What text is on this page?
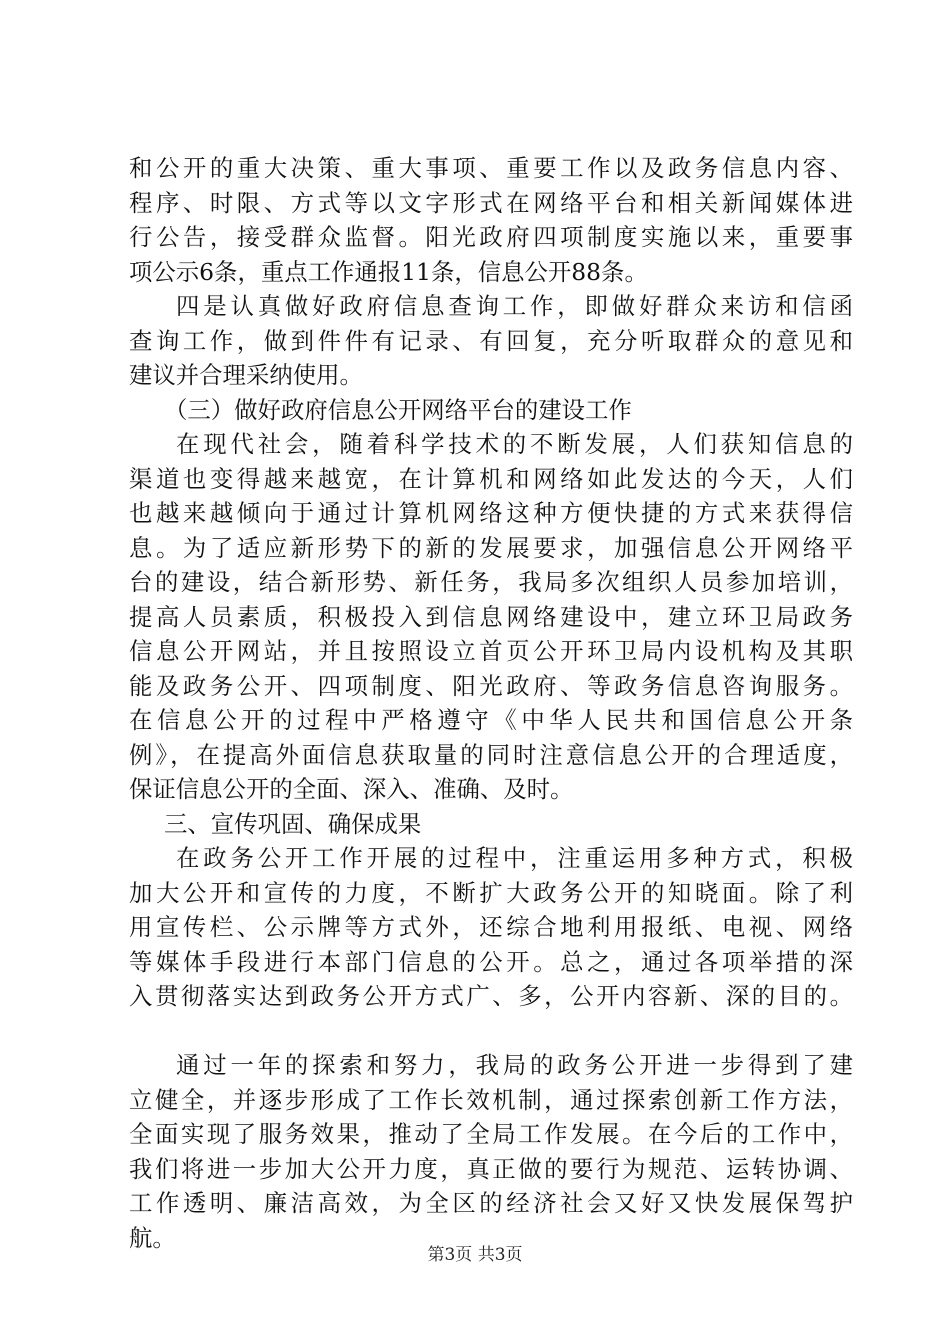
和公开的重大决策、重大事项、重要工作以及政务信息内容、
程序、时限、方式等以文字形式在网络平台和相关新闻媒体进
行公告，接受群众监督。阳光政府四项制度实施以来，重要事
项公示6条，重点工作通报11条，信息公开88条。
四是认真做好政府信息查询工作，即做好群众来访和信函
查询工作，做到件件有记录、有回复，充分听取群众的意见和
建议并合理采纳使用。
（三）做好政府信息公开网络平台的建设工作
在现代社会，随着科学技术的不断发展，人们获知信息的
渠道也变得越来越宽，在计算机和网络如此发达的今天，人们
也越来越倾向于通过计算机网络这种方便快捷的方式来获得信
息。为了适应新形势下的新的发展要求，加强信息公开网络平
台的建设，结合新形势、新任务，我局多次组织人员参加培训，
提高人员素质，积极投入到信息网络建设中，建立环卫局政务
信息公开网站，并且按照设立首页公开环卫局内设机构及其职
能及政务公开、四项制度、阳光政府、等政务信息咨询服务。
在信息公开的过程中严格遵守《中华人民共和国信息公开条
例》，在提高外面信息获取量的同时注意信息公开的合理适度，
保证信息公开的全面、深入、准确、及时。
三、宣传巩固、确保成果
在政务公开工作开展的过程中，注重运用多种方式，积极
加大公开和宣传的力度，不断扩大政务公开的知晓面。除了利
用宣传栏、公示牌等方式外，还综合地利用报纸、电视、网络
等媒体手段进行本部门信息的公开。总之，通过各项举措的深
入贯彻落实达到政务公开方式广、多，公开内容新、深的目的。
通过一年的探索和努力，我局的政务公开进一步得到了建
立健全，并逐步形成了工作长效机制，通过探索创新工作方法，
全面实现了服务效果，推动了全局工作发展。在今后的工作中，
我们将进一步加大公开力度，真正做的要行为规范、运转协调、
工作透明、廉洁高效，为全区的经济社会又好又快发展保驾护
航。
第3页 共3页
